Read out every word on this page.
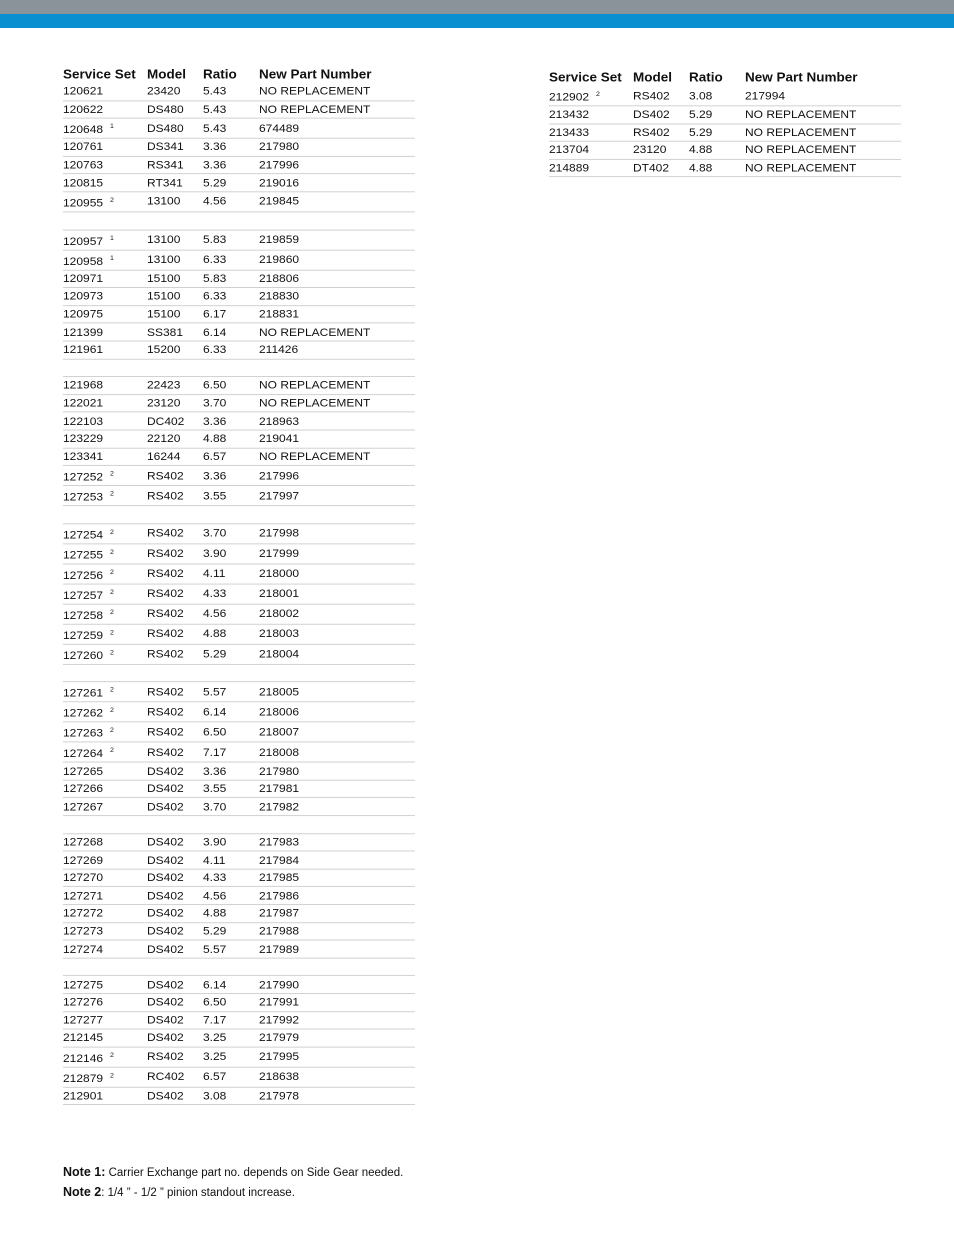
Service Set	Model	Ratio	New Part Number
120621	23420	5.43	NO REPLACEMENT
120622	DS480	5.43	NO REPLACEMENT
120648 $^1$	DS480	5.43	674489
120761	DS341	3.36	217980
120763	RS341	3.36	217996
120815	RT341	5.29	219016
120955 $^2$	13100	4.56	219845

120957 $^1$	13100	5.83	219859
120958 $^1$	13100	6.33	219860
120971	15100	5.83	218806
120973	15100	6.33	218830
120975	15100	6.17	218831
121399	SS381	6.14	NO REPLACEMENT
121961	15200	6.33	211426

121968	22423	6.50	NO REPLACEMENT
122021	23120	3.70	NO REPLACEMENT
122103	DC402	3.36	218963
123229	22120	4.88	219041
123341	16244	6.57	NO REPLACEMENT
127252 $^2$	RS402	3.36	217996
127253 $^2$	RS402	3.55	217997

127254 $^2$	RS402	3.70	217998
127255 $^2$	RS402	3.90	217999
127256 $^2$	RS402	4.11	218000
127257 $^2$	RS402	4.33	218001
127258 $^2$	RS402	4.56	218002
127259 $^2$	RS402	4.88	218003
127260 $^2$	RS402	5.29	218004

127261 $^2$	RS402	5.57	218005
127262 $^2$	RS402	6.14	218006
127263 $^2$	RS402	6.50	218007
127264 $^2$	RS402	7.17	218008
127265	DS402	3.36	217980
127266	DS402	3.55	217981
127267	DS402	3.70	217982

127268	DS402	3.90	217983
127269	DS402	4.11	217984
127270	DS402	4.33	217985
127271	DS402	4.56	217986
127272	DS402	4.88	217987
127273	DS402	5.29	217988
127274	DS402	5.57	217989

127275	DS402	6.14	217990
127276	DS402	6.50	217991
127277	DS402	7.17	217992
212145	DS402	3.25	217979
212146 $^2$	RS402	3.25	217995
212879 $^2$	RC402	6.57	218638
212901	DS402	3.08	217978
Service Set	Model	Ratio	New Part Number
212902 $^2$	RS402	3.08	217994
213432	DS402	5.29	NO REPLACEMENT
213433	RS402	5.29	NO REPLACEMENT
213704	23120	4.88	NO REPLACEMENT
214889	DT402	4.88	NO REPLACEMENT
Note 1: Carrier Exchange part no. depends on Side Gear needed.
Note 2: 1/4 ” - 1/2 ” pinion standout increase.
